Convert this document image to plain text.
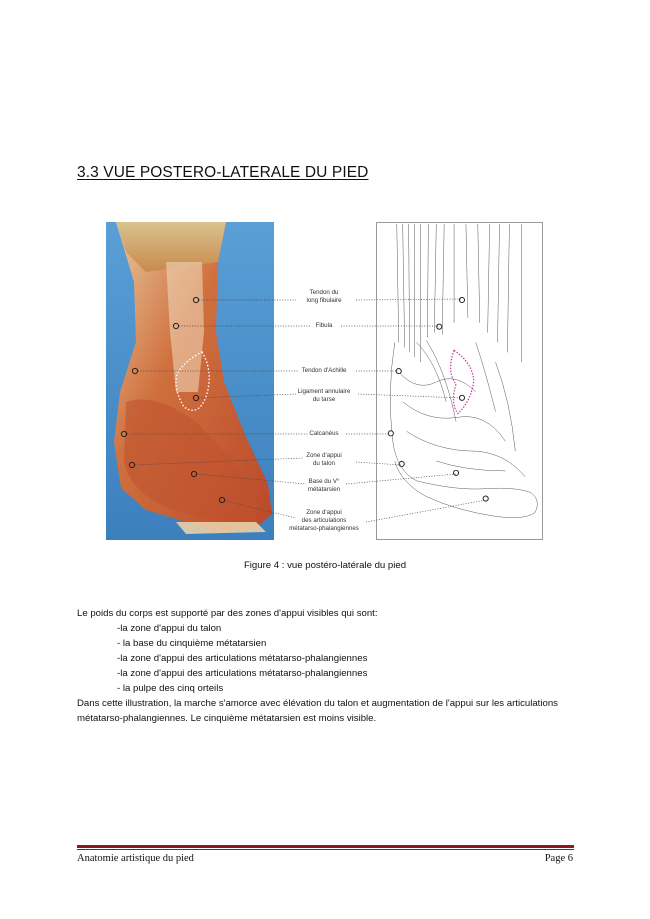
3.3 VUE POSTERO-LATERALE DU PIED
Tendon du
long fibulaire
Fibula
Tendon d'Achille
Ligament annulaire
du tarse
Calcanéus
Zone d'appui
du talon
Base du V°
métatarsien
Zone d'appui
des articulations
métatarso-phalangiennes
Figure 4 : vue postéro-latérale du pied
Le poids du corps est supporté par des zones d'appui visibles qui sont:
-la zone d'appui du talon
- la base du cinquième métatarsien
-la zone d'appui des articulations métatarso-phalangiennes
-la zone d'appui des articulations métatarso-phalangiennes
- la pulpe des cinq orteils
Dans cette illustration, la marche s'amorce avec élévation du talon et augmentation de l'appui sur les articulations métatarso-phalangiennes. Le cinquième métatarsien est moins visible.
Anatomie artistique du pied	Page 6
